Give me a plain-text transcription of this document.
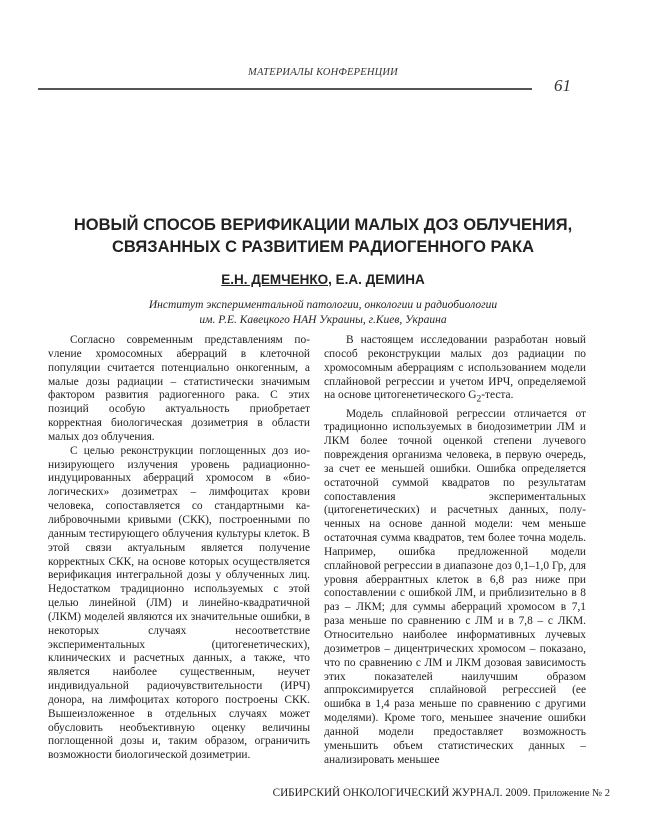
МАТЕРИАЛЫ КОНФЕРЕНЦИИ
61
НОВЫЙ СПОСОБ ВЕРИФИКАЦИИ МАЛЫХ ДОЗ ОБЛУЧЕНИЯ,
СВЯЗАННЫХ С РАЗВИТИЕМ РАДИОГЕННОГО РАКА
Е.Н. ДЕМЧЕНКО, Е.А. ДЕМИНА
Институт экспериментальной патологии, онкологии и радиобиологии
им. Р.Е. Кавецкого НАН Украины, г.Киев, Украина

Согласно современным представлениям поvление хромосомных аберраций в клеточной популяции считается потенциально онкогенным, а малые дозы радиации – статистически значимым фактором развития радиогенного рака. С этих позиций особую актуальность приобретает корректная биологическая дозиметрия в области малых доз облучения.

С целью реконструкции поглощенных доз ионизирующего излучения уровень радиационно-индуцированных аберраций хромосом в «биологических» дозиметрах – лимфоцитах крови человека, сопоставляется со стандартными калибровочными кривыми (СКК), построенными по данным тестирующего облучения культуры клеток. В этой связи актуальным является получение корректных СКК, на основе которых осуществляется верификация интегральной дозы у облученных лиц. Недостатком традиционно используемых с этой целью линейной (ЛМ) и линейно-квадратичной (ЛКМ) моделей являются их значительные ошибки, в некоторых случаях несоответствие экспериментальных (цитогенетических), клинических и расчетных данных, а также, что является наиболее существенным, неучет индивидуальной радиочувствительности (ИРЧ) донора, на лимфоцитах которого построены СКК. Вышеизложенное в отдельных случаях может обусловить необъективную оценку величины поглощенной дозы и, таким образом, ограничить возможности биологической дозиметрии.

В настоящем исследовании разработан новый способ реконструкции малых доз радиации по хромосомным аберрациям с использованием модели сплайновой регрессии и учетом ИРЧ, определяемой на основе цитогенетического $G_2$-теста.

Модель сплайновой регрессии отличается от традиционно используемых в биодозиметрии ЛМ и ЛКМ более точной оценкой степени лучевого повреждения организма человека, в первую очередь, за счет ее меньшей ошибки. Ошибка определяется остаточной суммой квадратов по результатам сопоставления экспериментальных (цитогенетических) и расчетных данных, полученных на основе данной модели: чем меньше остаточная сумма квадратов, тем более точна модель. Например, ошибка предложенной модели сплайновой регрессии в диапазоне доз 0,1–1,0 Гр, для уровня аберрантных клеток в 6,8 раз ниже при сопоставлении с ошибкой ЛМ, и приблизительно в 8 раз – ЛКМ; для суммы аберраций хромосом в 7,1 раза меньше по сравнению с ЛМ и в 7,8 – с ЛКМ. Относительно наиболее информативных лучевых дозиметров – дицентрических хромосом – показано, что по сравнению с ЛМ и ЛКМ дозовая зависимость этих показателей наилучшим образом аппроксимируется сплайновой регрессией (ее ошибка в 1,4 раза меньше по сравнению с другими моделями). Кроме того, меньшее значение ошибки данной модели предоставляет возможность уменьшить объем статистических данных – анализировать меньшее

СИБИРСКИЙ ОНКОЛОГИЧЕСКИЙ ЖУРНАЛ. 2009. Приложение № 2
